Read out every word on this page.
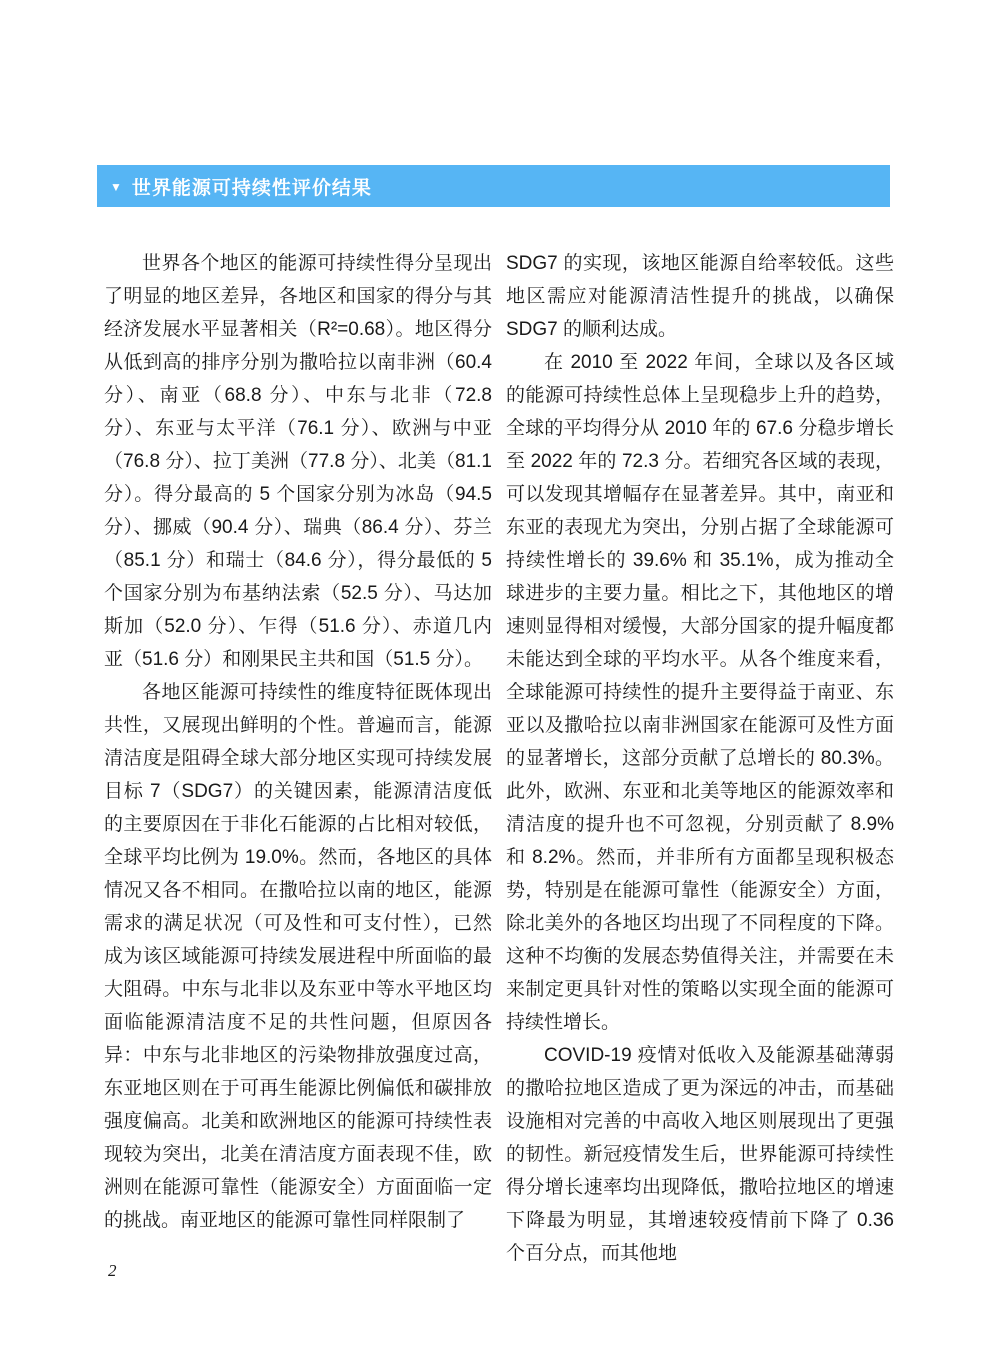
▼ 世界能源可持续性评价结果

世界各个地区的能源可持续性得分呈现出了明显的地区差异，各地区和国家的得分与其经济发展水平显著相关（R²=0.68）。地区得分从低到高的排序分别为撒哈拉以南非洲（60.4 分）、南亚（68.8 分）、中东与北非（72.8 分）、东亚与太平洋（76.1 分）、欧洲与中亚（76.8 分）、拉丁美洲（77.8 分）、北美（81.1 分）。得分最高的 5 个国家分别为冰岛（94.5 分）、挪威（90.4 分）、瑞典（86.4 分）、芬兰（85.1 分）和瑞士（84.6 分），得分最低的 5 个国家分别为布基纳法索（52.5 分）、马达加斯加（52.0 分）、乍得（51.6 分）、赤道几内亚（51.6 分）和刚果民主共和国（51.5 分）。

各地区能源可持续性的维度特征既体现出共性，又展现出鲜明的个性。普遍而言，能源清洁度是阻碍全球大部分地区实现可持续发展目标 7（SDG7）的关键因素，能源清洁度低的主要原因在于非化石能源的占比相对较低，全球平均比例为 19.0%。然而，各地区的具体情况又各不相同。在撒哈拉以南的地区，能源需求的满足状况（可及性和可支付性），已然成为该区域能源可持续发展进程中所面临的最大阻碍。中东与北非以及东亚中等水平地区均面临能源清洁度不足的共性问题，但原因各异：中东与北非地区的污染物排放强度过高，东亚地区则在于可再生能源比例偏低和碳排放强度偏高。北美和欧洲地区的能源可持续性表现较为突出，北美在清洁度方面表现不佳，欧洲则在能源可靠性（能源安全）方面面临一定的挑战。南亚地区的能源可靠性同样限制了

SDG7 的实现，该地区能源自给率较低。这些地区需应对能源清洁性提升的挑战，以确保 SDG7 的顺利达成。

在 2010 至 2022 年间，全球以及各区域的能源可持续性总体上呈现稳步上升的趋势，全球的平均得分从 2010 年的 67.6 分稳步增长至 2022 年的 72.3 分。若细究各区域的表现，可以发现其增幅存在显著差异。其中，南亚和东亚的表现尤为突出，分别占据了全球能源可持续性增长的 39.6% 和 35.1%，成为推动全球进步的主要力量。相比之下，其他地区的增速则显得相对缓慢，大部分国家的提升幅度都未能达到全球的平均水平。从各个维度来看，全球能源可持续性的提升主要得益于南亚、东亚以及撒哈拉以南非洲国家在能源可及性方面的显著增长，这部分贡献了总增长的 80.3%。此外，欧洲、东亚和北美等地区的能源效率和清洁度的提升也不可忽视，分别贡献了 8.9% 和 8.2%。然而，并非所有方面都呈现积极态势，特别是在能源可靠性（能源安全）方面，除北美外的各地区均出现了不同程度的下降。这种不均衡的发展态势值得关注，并需要在未来制定更具针对性的策略以实现全面的能源可持续性增长。

COVID-19 疫情对低收入及能源基础薄弱的撒哈拉地区造成了更为深远的冲击，而基础设施相对完善的中高收入地区则展现出了更强的韧性。新冠疫情发生后，世界能源可持续性得分增长速率均出现降低，撒哈拉地区的增速下降最为明显，其增速较疫情前下降了 0.36 个百分点，而其他地

2
